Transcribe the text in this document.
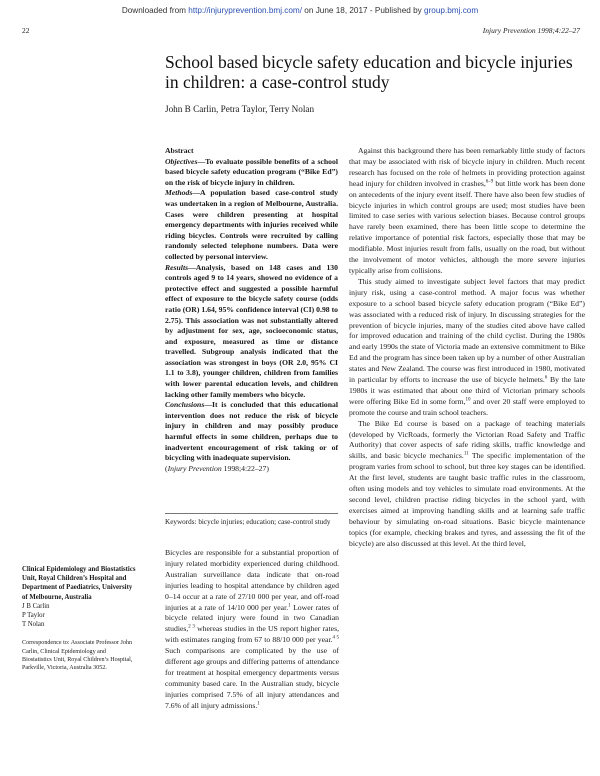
Downloaded from http://injuryprevention.bmj.com/ on June 18, 2017 - Published by group.bmj.com
22	Injury Prevention 1998;4:22–27
School based bicycle safety education and bicycle injuries in children: a case-control study
John B Carlin, Petra Taylor, Terry Nolan
Abstract

Objectives—To evaluate possible benefits of a school based bicycle safety education program (“Bike Ed”) on the risk of bicycle injury in children.

Methods—A population based case-control study was undertaken in a region of Melbourne, Australia. Cases were children presenting at hospital emergency departments with injuries received while riding bicycles. Controls were recruited by calling randomly selected telephone numbers. Data were collected by personal interview.

Results—Analysis, based on 148 cases and 130 controls aged 9 to 14 years, showed no evidence of a protective effect and suggested a possible harmful effect of exposure to the bicycle safety course (odds ratio (OR) 1.64, 95% confidence interval (CI) 0.98 to 2.75). This association was not substantially altered by adjustment for sex, age, socioeconomic status, and exposure, measured as time or distance travelled. Subgroup analysis indicated that the association was strongest in boys (OR 2.0, 95% CI 1.1 to 3.8), younger children, children from families with lower parental education levels, and children lacking other family members who bicycle.

Conclusions—It is concluded that this educational intervention does not reduce the risk of bicycle injury in children and may possibly produce harmful effects in some children, perhaps due to inadvertent encouragement of risk taking or of bicycling with inadequate supervision.

(Injury Prevention 1998;4:22–27)
Keywords: bicycle injuries; education; case-control study

Against this background there has been remarkably little study of factors that may be associated with risk of bicycle injury in children. Much recent research has focused on the role of helmets in providing protection against head injury for children involved in crashes,$^{6-9}$ but little work has been done on antecedents of the injury event itself. There have also been few studies of bicycle injuries in which control groups are used; most studies have been limited to case series with various selection biases. Because control groups have rarely been examined, there has been little scope to determine the relative importance of potential risk factors, especially those that may be modifiable. Most injuries result from falls, usually on the road, but without the involvement of motor vehicles, although the more severe injuries typically arise from collisions.

This study aimed to investigate subject level factors that may predict injury risk, using a case-control method. A major focus was whether exposure to a school based bicycle safety education program (“Bike Ed”) was associated with a reduced risk of injury. In discussing strategies for the prevention of bicycle injuries, many of the studies cited above have called for improved education and training of the child cyclist. During the 1980s and early 1990s the state of Victoria made an extensive commitment to Bike Ed and the program has since been taken up by a number of other Australian states and New Zealand. The course was first introduced in 1980, motivated in particular by efforts to increase the use of bicycle helmets.$^6$ By the late 1980s it was estimated that about one third of Victorian primary schools were offering Bike Ed in some form,$^{10}$ and over 20 staff were employed to promote the course and train school teachers.

The Bike Ed course is based on a package of teaching materials (developed by VicRoads, formerly the Victorian Road Safety and Traffic Authority) that cover aspects of safe riding skills, traffic knowledge and skills, and basic bicycle mechanics.$^{11}$ The specific implementation of the program varies from school to school, but three key stages can be identified. At the first level, students are taught basic traffic rules in the classroom, often using models and toy vehicles to simulate road environments. At the second level, children practise riding bicycles in the school yard, with exercises aimed at improving handling skills and at learning safe traffic behaviour by simulating on-road situations. Basic bicycle maintenance topics (for example, checking brakes and tyres, and assessing the fit of the bicycle) are also discussed at this level. At the third level,

Bicycles are responsible for a substantial proportion of injury related morbidity experienced during childhood. Australian surveillance data indicate that on-road injuries leading to hospital attendance by children aged 0–14 occur at a rate of 27/10 000 per year, and off-road injuries at a rate of 14/10 000 per year.$^1$ Lower rates of bicycle related injury were found in two Canadian studies,$^{2 3}$ whereas studies in the US report higher rates, with estimates ranging from 67 to 88/10 000 per year.$^{4 5}$ Such comparisons are complicated by the use of different age groups and differing patterns of attendance for treatment at hospital emergency departments versus community based care. In the Australian study, bicycle injuries comprised 7.5% of all injury attendances and 7.6% of all injury admissions.$^1$

Clinical Epidemiology and Biostatistics Unit, Royal Children’s Hospital and Department of Paediatrics, University of Melbourne, Australia
J B Carlin
P Taylor
T Nolan
Correspondence to: Associate Professor John Carlin, Clinical Epidemiology and Biostatistics Unit, Royal Children’s Hospital, Parkville, Victoria, Australia 3052.
